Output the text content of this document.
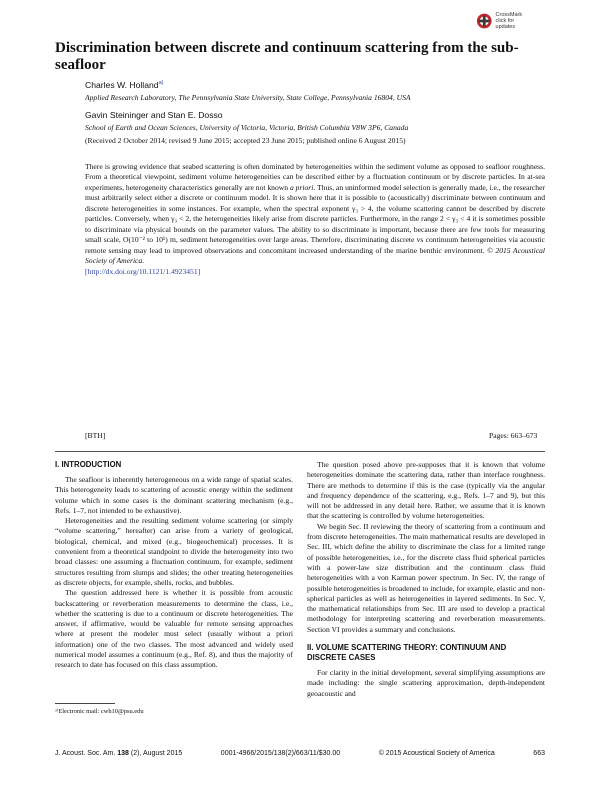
CrossMark
click for updates
Discrimination between discrete and continuum scattering from the sub-seafloor
Charles W. Holland$^{a)}$
Applied Research Laboratory, The Pennsylvania State University, State College, Pennsylvania 16804, USA
Gavin Steininger and Stan E. Dosso
School of Earth and Ocean Sciences, University of Victoria, Victoria, British Columbia V8W 3P6, Canada
(Received 2 October 2014; revised 9 June 2015; accepted 23 June 2015; published online 6 August 2015)
There is growing evidence that seabed scattering is often dominated by heterogeneities within the sediment volume as opposed to seafloor roughness. From a theoretical viewpoint, sediment volume heterogeneities can be described either by a fluctuation continuum or by discrete particles. In at-sea experiments, heterogeneity characteristics generally are not known a priori. Thus, an uninformed model selection is generally made, i.e., the researcher must arbitrarily select either a discrete or continuum model. It is shown here that it is possible to (acoustically) discriminate between continuum and discrete heterogeneities in some instances. For example, when the spectral exponent γ₃ > 4, the volume scattering cannot be described by discrete particles. Conversely, when γ₃ < 2, the heterogeneities likely arise from discrete particles. Furthermore, in the range 2 < γ₃ < 4 it is sometimes possible to discriminate via physical bounds on the parameter values. The ability to so discriminate is important, because there are few tools for measuring small scale, O(10⁻² to 10¹) m, sediment heterogeneities over large areas. Therefore, discriminating discrete vs continuum heterogeneities via acoustic remote sensing may lead to improved observations and concomitant increased understanding of the marine benthic environment. © 2015 Acoustical Society of America.
[http://dx.doi.org/10.1121/1.4923451]
[BTH]	Pages: 663–673
I. INTRODUCTION

The seafloor is inherently heterogeneous on a wide range of spatial scales. This heterogeneity leads to scattering of acoustic energy within the sediment volume which in some cases is the dominant scattering mechanism (e.g., Refs. 1–7, not intended to be exhaustive).

Heterogeneities and the resulting sediment volume scattering (or simply “volume scattering,” hereafter) can arise from a variety of geological, biological, chemical, and mixed (e.g., biogeochemical) processes. It is convenient from a theoretical standpoint to divide the heterogeneity into two broad classes: one assuming a fluctuation continuum, for example, sediment structures resulting from slumps and slides; the other treating heterogeneities as discrete objects, for example, shells, rocks, and bubbles.

The question addressed here is whether it is possible from acoustic backscattering or reverberation measurements to determine the class, i.e., whether the scattering is due to a continuum or discrete heterogeneities. The answer, if affirmative, would be valuable for remote sensing approaches where at present the modeler must select (usually without a priori information) one of the two classes. The most advanced and widely used numerical model assumes a continuum (e.g., Ref. 8), and thus the majority of research to date has focused on this class assumption.

The question posed above pre-supposes that it is known that volume heterogeneities dominate the scattering data, rather than interface roughness. There are methods to determine if this is the case (typically via the angular and frequency dependence of the scattering, e.g., Refs. 1–7 and 9), but this will not be addressed in any detail here. Rather, we assume that it is known that the scattering is controlled by volume heterogeneities.

We begin Sec. II reviewing the theory of scattering from a continuum and from discrete heterogeneities. The main mathematical results are developed in Sec. III, which define the ability to discriminate the class for a limited range of possible heterogeneities, i.e., for the discrete class fluid spherical particles with a power-law size distribution and the continuum class fluid heterogeneities with a von Karman power spectrum. In Sec. IV, the range of possible heterogeneities is broadened to include, for example, elastic and non-spherical particles as well as heterogeneities in layered sediments. In Sec. V, the mathematical relationships from Sec. III are used to develop a practical methodology for interpreting scattering and reverberation measurements. Section VI provides a summary and conclusions.

II. VOLUME SCATTERING THEORY: CONTINUUM AND DISCRETE CASES

For clarity in the initial development, several simplifying assumptions are made including: the single scattering approximation, depth-independent geoacoustic and

ᵃ⁾Electronic mail: cwh10@psu.edu
J. Acoust. Soc. Am. 138 (2), August 2015	0001-4966/2015/138(2)/663/11/$30.00	© 2015 Acoustical Society of America	663
